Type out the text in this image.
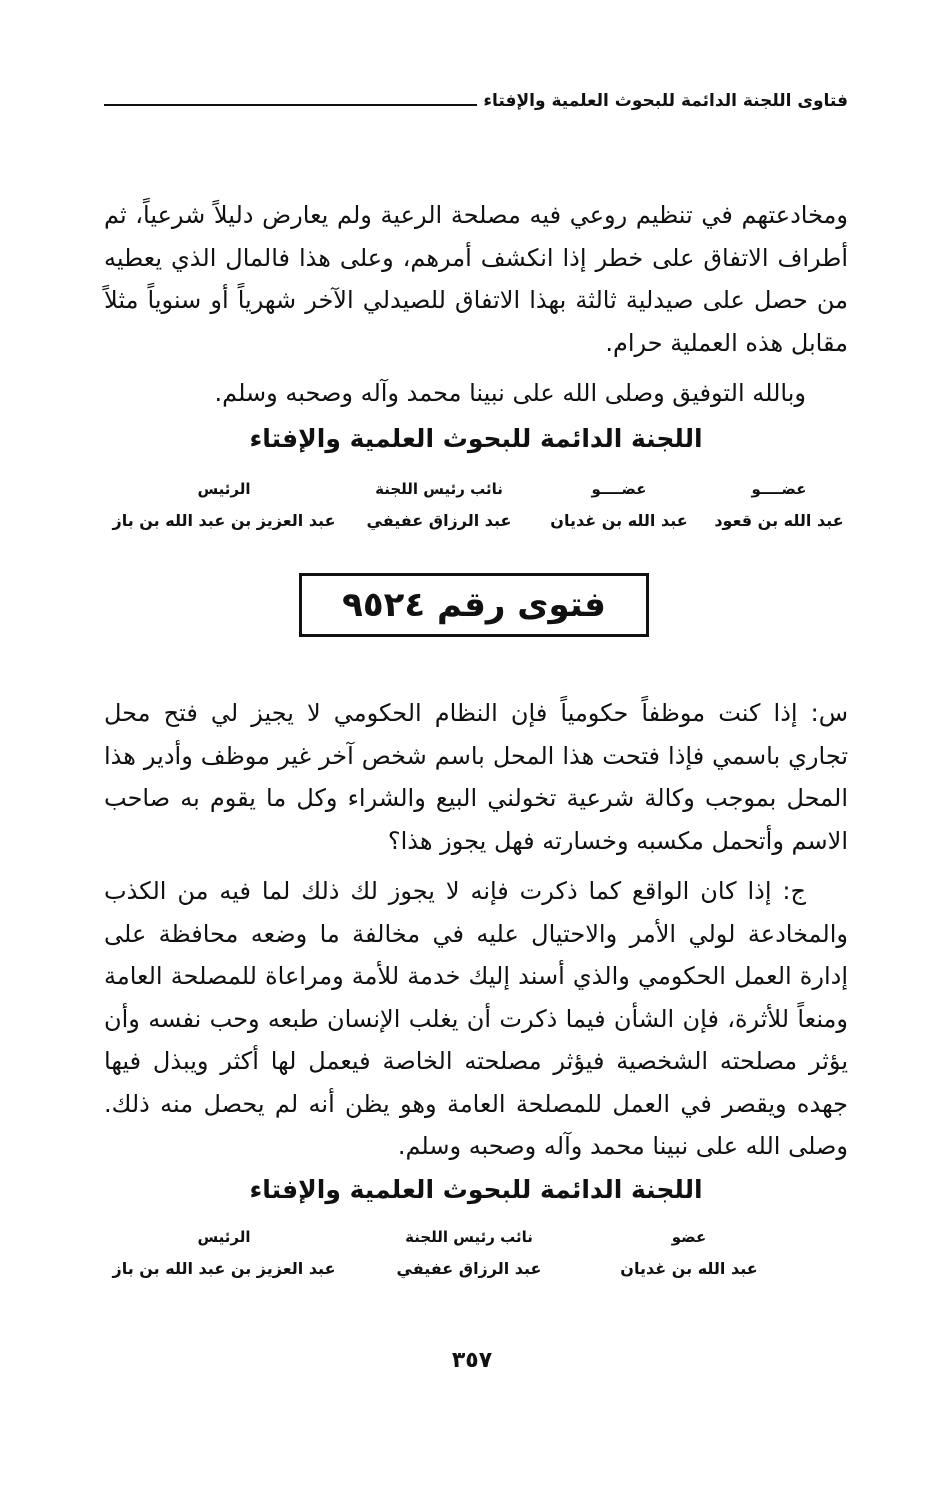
فتاوى اللجنة الدائمة للبحوث العلمية والإفتاء

ومخادعتهم في تنظيم روعي فيه مصلحة الرعية ولم يعارض دليلاً شرعياً، ثم أطراف الاتفاق على خطر إذا انكشف أمرهم، وعلى هذا فالمال الذي يعطيه من حصل على صيدلية ثالثة بهذا الاتفاق للصيدلي الآخر شهرياً أو سنوياً مثلاً مقابل هذه العملية حرام.

وبالله التوفيق وصلى الله على نبينا محمد وآله وصحبه وسلم.

اللجنة الدائمة للبحوث العلمية والإفتاء
عضــــو
عبد الله بن قعود
عضــــو
عبد الله بن غديان
نائب رئيس اللجنة
عبد الرزاق عفيفي
الرئيس
عبد العزيز بن عبد الله بن باز
فتوى رقم ٩٥٢٤

س: إذا كنت موظفاً حكومياً فإن النظام الحكومي لا يجيز لي فتح محل تجاري باسمي فإذا فتحت هذا المحل باسم شخص آخر غير موظف وأدير هذا المحل بموجب وكالة شرعية تخولني البيع والشراء وكل ما يقوم به صاحب الاسم وأتحمل مكسبه وخسارته فهل يجوز هذا؟

ج: إذا كان الواقع كما ذكرت فإنه لا يجوز لك ذلك لما فيه من الكذب والمخادعة لولي الأمر والاحتيال عليه في مخالفة ما وضعه محافظة على إدارة العمل الحكومي والذي أسند إليك خدمة للأمة ومراعاة للمصلحة العامة ومنعاً للأثرة، فإن الشأن فيما ذكرت أن يغلب الإنسان طبعه وحب نفسه وأن يؤثر مصلحته الشخصية فيؤثر مصلحته الخاصة فيعمل لها أكثر ويبذل فيها جهده ويقصر في العمل للمصلحة العامة وهو يظن أنه لم يحصل منه ذلك. وصلى الله على نبينا محمد وآله وصحبه وسلم.

اللجنة الدائمة للبحوث العلمية والإفتاء
عضو
عبد الله بن غديان
نائب رئيس اللجنة
عبد الرزاق عفيفي
الرئيس
عبد العزيز بن عبد الله بن باز
٣٥٧
